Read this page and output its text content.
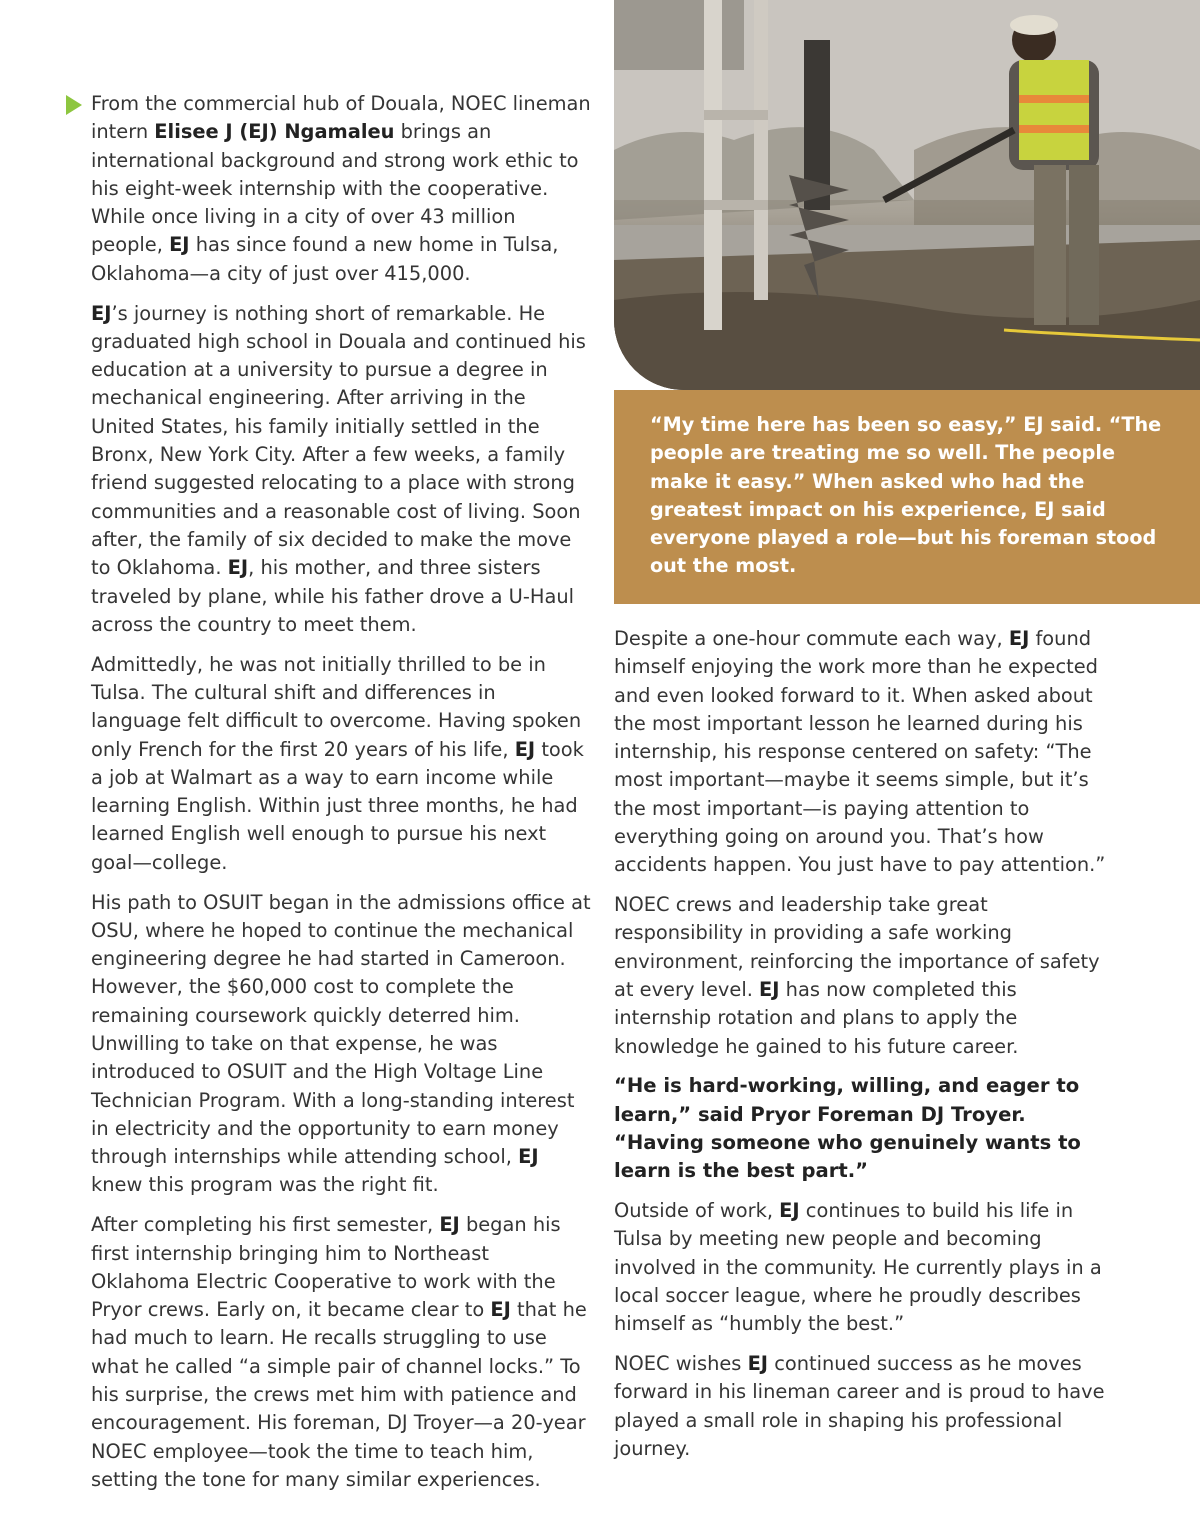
From the commercial hub of Douala, NOEC lineman intern Elisee J (EJ) Ngamaleu brings an international background and strong work ethic to his eight-week internship with the cooperative. While once living in a city of over 43 million people, EJ has since found a new home in Tulsa, Oklahoma—a city of just over 415,000.

EJ’s journey is nothing short of remarkable. He graduated high school in Douala and continued his education at a university to pursue a degree in mechanical engineering. After arriving in the United States, his family initially settled in the Bronx, New York City. After a few weeks, a family friend suggested relocating to a place with strong communities and a reasonable cost of living. Soon after, the family of six decided to make the move to Oklahoma. EJ, his mother, and three sisters traveled by plane, while his father drove a U-Haul across the country to meet them.

Admittedly, he was not initially thrilled to be in Tulsa. The cultural shift and differences in language felt difficult to overcome. Having spoken only French for the first 20 years of his life, EJ took a job at Walmart as a way to earn income while learning English. Within just three months, he had learned English well enough to pursue his next goal—college.

His path to OSUIT began in the admissions office at OSU, where he hoped to continue the mechanical engineering degree he had started in Cameroon. However, the $60,000 cost to complete the remaining coursework quickly deterred him. Unwilling to take on that expense, he was introduced to OSUIT and the High Voltage Line Technician Program. With a long-standing interest in electricity and the opportunity to earn money through internships while attending school, EJ knew this program was the right fit.

After completing his first semester, EJ began his first internship bringing him to Northeast Oklahoma Electric Cooperative to work with the Pryor crews. Early on, it became clear to EJ that he had much to learn. He recalls struggling to use what he called “a simple pair of channel locks.” To his surprise, the crews met him with patience and encouragement. His foreman, DJ Troyer—a 20-year NOEC employee—took the time to teach him, setting the tone for many similar experiences.

“My time here has been so easy,” EJ said. “The people are treating me so well. The people make it easy.” When asked who had the greatest impact on his experience, EJ said everyone played a role—but his foreman stood out the most.

Despite a one-hour commute each way, EJ found himself enjoying the work more than he expected and even looked forward to it. When asked about the most important lesson he learned during his internship, his response centered on safety: “The most important—maybe it seems simple, but it’s the most important—is paying attention to everything going on around you. That’s how accidents happen. You just have to pay attention.”

NOEC crews and leadership take great responsibility in providing a safe working environment, reinforcing the importance of safety at every level. EJ has now completed this internship rotation and plans to apply the knowledge he gained to his future career.

“He is hard-working, willing, and eager to learn,” said Pryor Foreman DJ Troyer. “Having someone who genuinely wants to learn is the best part.”

Outside of work, EJ continues to build his life in Tulsa by meeting new people and becoming involved in the community. He currently plays in a local soccer league, where he proudly describes himself as “humbly the best.”

NOEC wishes EJ continued success as he moves forward in his lineman career and is proud to have played a small role in shaping his professional journey.
